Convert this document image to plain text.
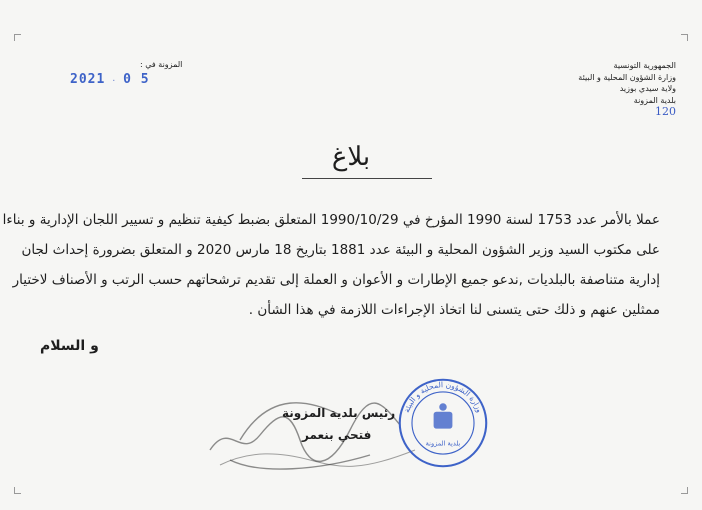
الجمهورية التونسية
وزارة الشؤون المحلية و البيئة
ولاية سيدي بوزيد
بلدية المزونة
120
المزونة في :
2021 · 0 5
بلاغ
عملا بالأمر عدد 1753 لسنة 1990 المؤرخ في 1990/10/29 المتعلق بضبط كيفية تنظيم و تسيير اللجان الإدارية و بناءا
على مكتوب السيد وزير الشؤون المحلية و البيئة عدد 1881 بتاريخ 18 مارس 2020 و المتعلق بضرورة إحداث لجان
إدارية متناصفة بالبلديات ,ندعو جميع الإطارات و الأعوان و العملة إلى تقديم ترشحاتهم حسب الرتب و الأصناف لاختيار
ممثلين عنهم و ذلك حتى يتسنى لنا اتخاذ الإجراءات اللازمة في هذا الشأن .
و السلام
رئيس بلدية المزونة
فتحي بنعمر
وزارة الشؤون المحلية و البيئة
بلدية المزونة
